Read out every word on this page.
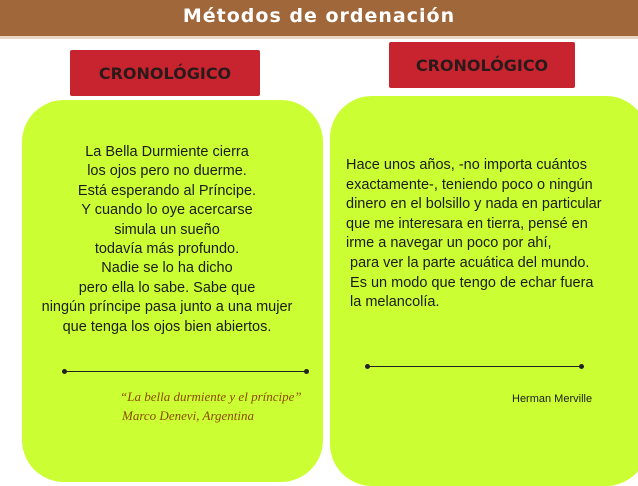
Métodos de ordenación
CRONOLÓGICO	CRONOLÓGICO
La Bella Durmiente cierra
los ojos pero no duerme.
Está esperando al Príncipe.
Y cuando lo oye acercarse
simula un sueño
todavía más profundo.
Nadie se lo ha dicho
pero ella lo sabe. Sabe que
ningún príncipe pasa junto a una mujer
que tenga los ojos bien abiertos.
“La bella durmiente y el príncipe”
Marco Denevi, Argentina
Hace unos años, -no importa cuántos
exactamente-, teniendo poco o ningún
dinero en el bolsillo y nada en particular
que me interesara en tierra, pensé en
irme a navegar un poco por ahí,
para ver la parte acuática del mundo.
Es un modo que tengo de echar fuera
la melancolía.
Herman Merville
